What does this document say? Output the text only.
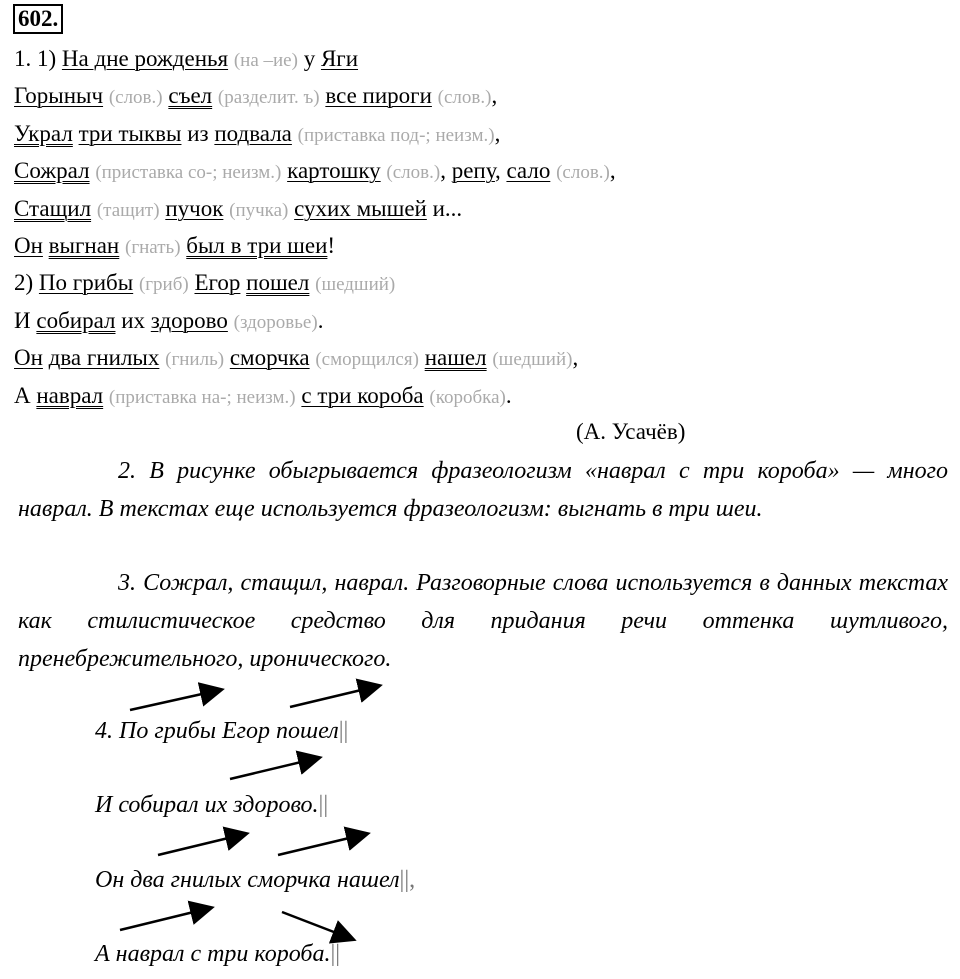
602.
1. 1) На дне рожденья (на –ие) у Яги
Горыныч (слов.) съел (разделит. ъ) все пироги (слов.),
Украл три тыквы из подвала (приставка под-; неизм.),
Сожрал (приставка со-; неизм.) картошку (слов.), репу, сало (слов.),
Стащил (тащит) пучок (пучка) сухих мышей и...
Он выгнан (гнать) был в три шеи!
2) По грибы (гриб) Егор пошел (шедший)
И собирал их здорово (здоровье).
Он два гнилых (гниль) сморчка (сморщился) нашел (шедший),
А наврал (приставка на-; неизм.) с три короба (коробка).
(А. Усачёв)
2. В рисунке обыгрывается фразеологизм «наврал с три короба» — много наврал. В текстах еще используется фразеологизм: выгнать в три шеи.
3. Сожрал, стащил, наврал. Разговорные слова используется в данных текстах как стилистическое средство для придания речи оттенка шутливого, пренебрежительного, иронического.
4. По грибы Егор пошел||
И собирал их здорово.||
Он два гнилых сморчка нашел||,
А наврал с три короба.||
